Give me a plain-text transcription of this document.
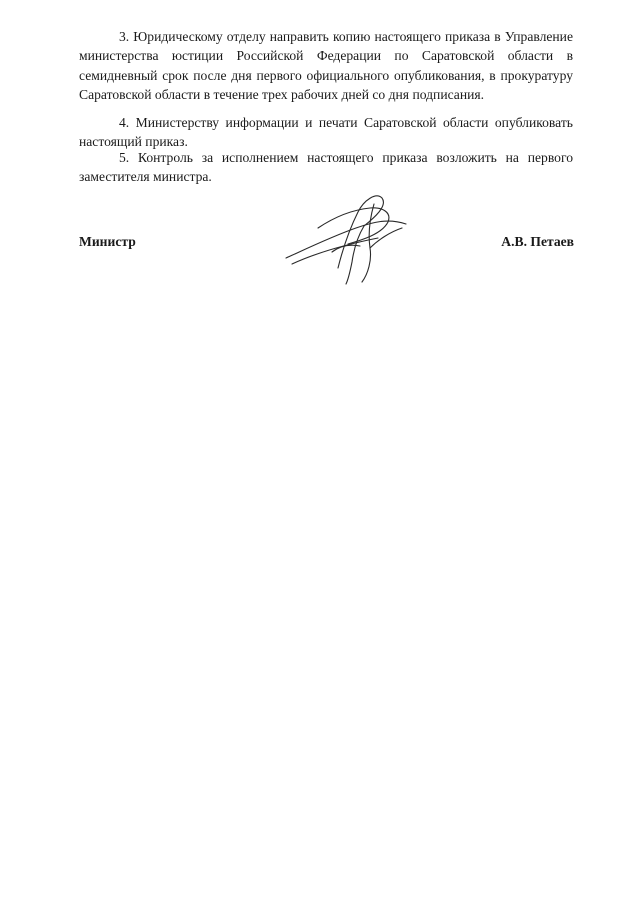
3. Юридическому отделу направить копию настоящего приказа в Управление министерства юстиции Российской Федерации по Саратовской области в семидневный срок после дня первого официального опубликования, в прокуратуру Саратовской области в течение трех рабочих дней со дня подписания.

4. Министерству информации и печати Саратовской области опубликовать настоящий приказ.

5. Контроль за исполнением настоящего приказа возложить на первого заместителя министра.

Министр	А.В. Петаев
